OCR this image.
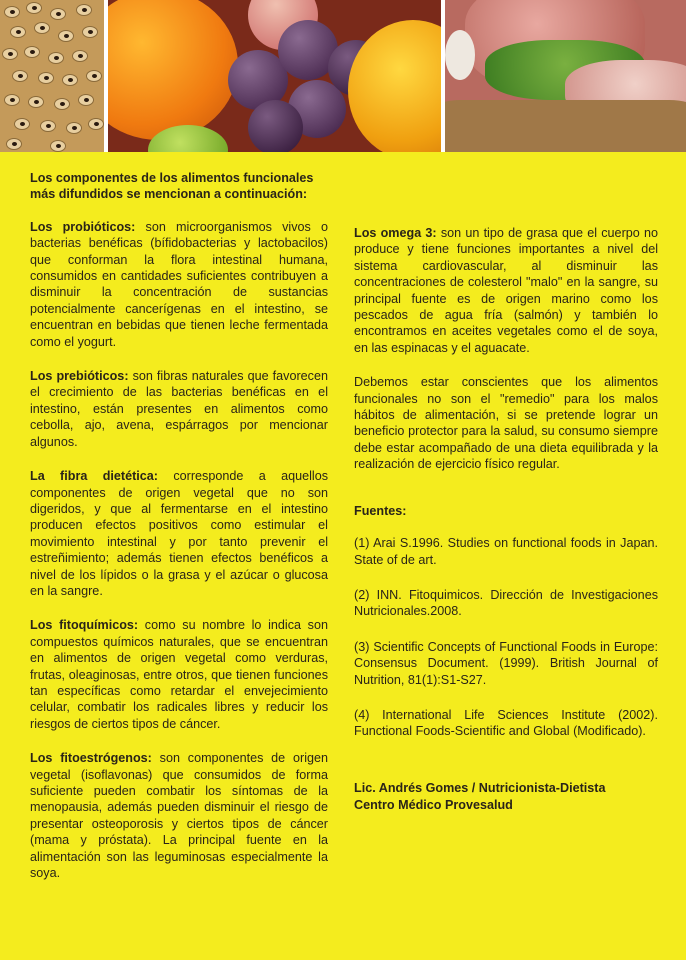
Los componentes de los alimentos funcionales más difundidos se mencionan a continuación:

Los probióticos: son microorganismos vivos o bacterias benéficas (bífidobacterias y lactobacilos) que conforman la flora intestinal humana, consumidos en cantidades suficientes contribuyen a disminuir la concentración de sustancias potencialmente cancerígenas en el intestino, se encuentran en bebidas que tienen leche fermentada como el yogurt.

Los prebióticos: son fibras naturales que favorecen el crecimiento de las bacterias benéficas en el intestino, están presentes en alimentos como cebolla, ajo, avena, espárragos por mencionar algunos.

La fibra dietética: corresponde a aquellos componentes de origen vegetal que no son digeridos, y que al fermentarse en el intestino producen efectos positivos como estimular el movimiento intestinal y por tanto prevenir el estreñimiento; además tienen efectos benéficos a nivel de los lípidos o la grasa y el azúcar o glucosa en la sangre.

Los fitoquímicos: como su nombre lo indica son compuestos químicos naturales, que se encuentran en alimentos de origen vegetal como verduras, frutas, oleaginosas, entre otros, que tienen funciones tan específicas como retardar el envejecimiento celular, combatir los radicales libres y reducir los riesgos de ciertos tipos de cáncer.

Los fitoestrógenos: son componentes de origen vegetal (isoflavonas) que consumidos de forma suficiente pueden combatir los síntomas de la menopausia, además pueden disminuir el riesgo de presentar osteoporosis y ciertos tipos de cáncer (mama y próstata). La principal fuente en la alimentación son las leguminosas especialmente la soya.

Los omega 3: son un tipo de grasa que el cuerpo no produce y tiene funciones importantes a nivel del sistema cardiovascular, al disminuir las concentraciones de colesterol "malo" en la sangre, su principal fuente es de origen marino como los pescados de agua fría (salmón) y también lo encontramos en aceites vegetales como el de soya, en las espinacas y el aguacate.

Debemos estar conscientes que los alimentos funcionales no son el "remedio" para los malos hábitos de alimentación, si se pretende lograr un beneficio protector para la salud, su consumo siempre debe estar acompañado de una dieta equilibrada y la realización de ejercicio físico regular.

Fuentes:
(1) Arai S.1996. Studies on functional foods in Japan. State of de art.
(2) INN. Fitoquimicos. Dirección de Investigaciones Nutricionales.2008.
(3) Scientific Concepts of Functional Foods in Europe: Consensus Document. (1999). British Journal of Nutrition, 81(1):S1-S27.
(4) International Life Sciences Institute (2002). Functional Foods-Scientific and Global (Modificado).
Lic. Andrés Gomes / Nutricionista-Dietista
Centro Médico Provesalud
